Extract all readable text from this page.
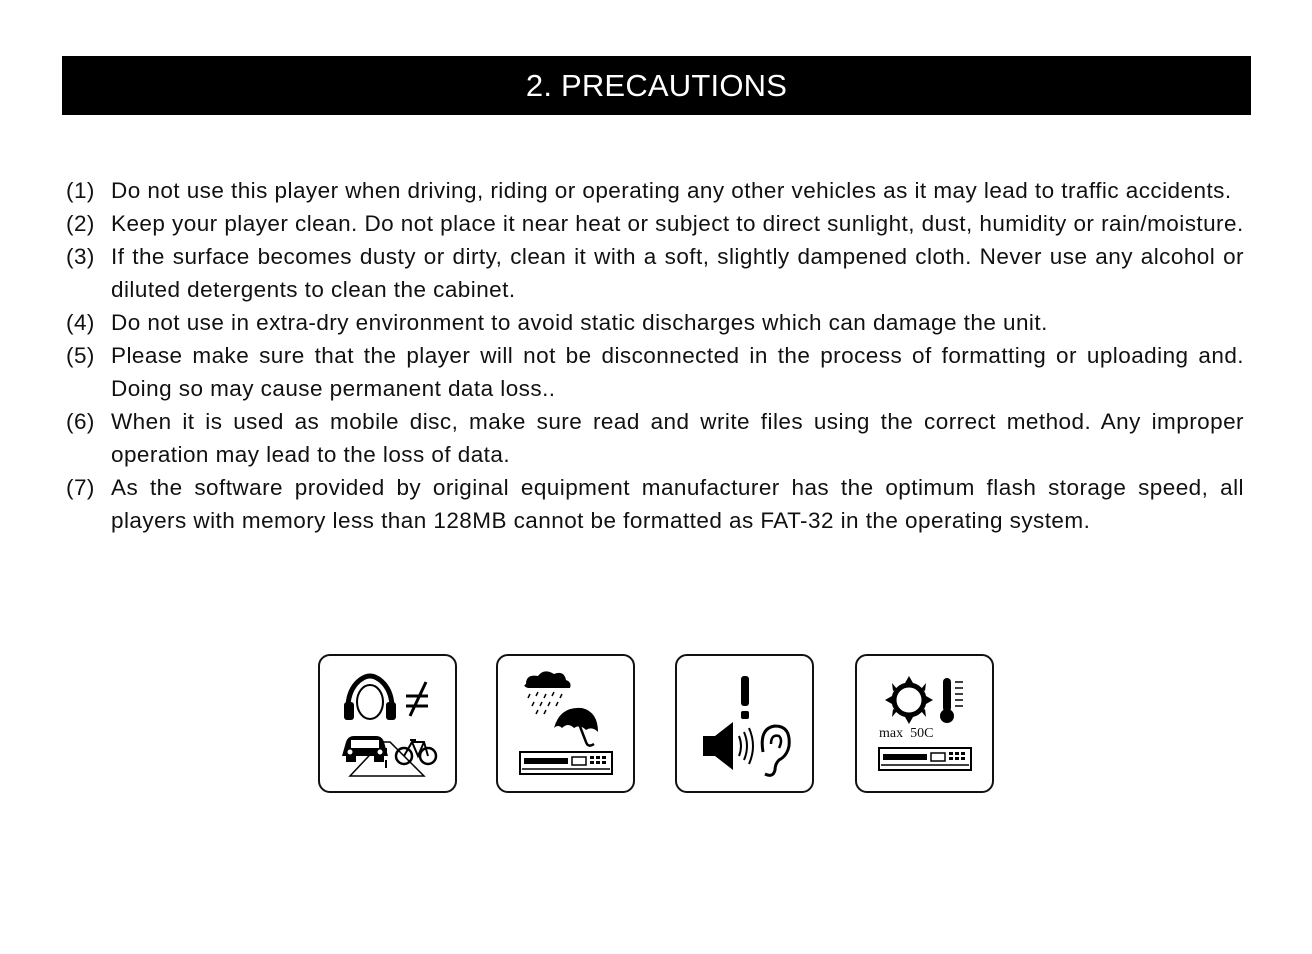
2. PRECAUTIONS
(1) Do not use this player when driving, riding or operating any other vehicles as it may lead to traffic accidents.
(2) Keep your player clean. Do not place it near heat or subject to direct sunlight, dust, humidity or rain/moisture.
(3) If the surface becomes dusty or dirty, clean it with a soft, slightly dampened cloth. Never use any alcohol or diluted detergents to clean the cabinet.
(4) Do not use in extra-dry environment to avoid static discharges which can damage the unit.
(5) Please make sure that the player will not be disconnected in the process of formatting or uploading and. Doing so may cause permanent data loss..
(6) When it is used as mobile disc, make sure read and write files using the correct method. Any improper operation may lead to the loss of data.
(7) As the software provided by original equipment manufacturer has the optimum flash storage speed, all players with memory less than 128MB cannot be formatted as FAT-32 in the operating system.
max  50C
